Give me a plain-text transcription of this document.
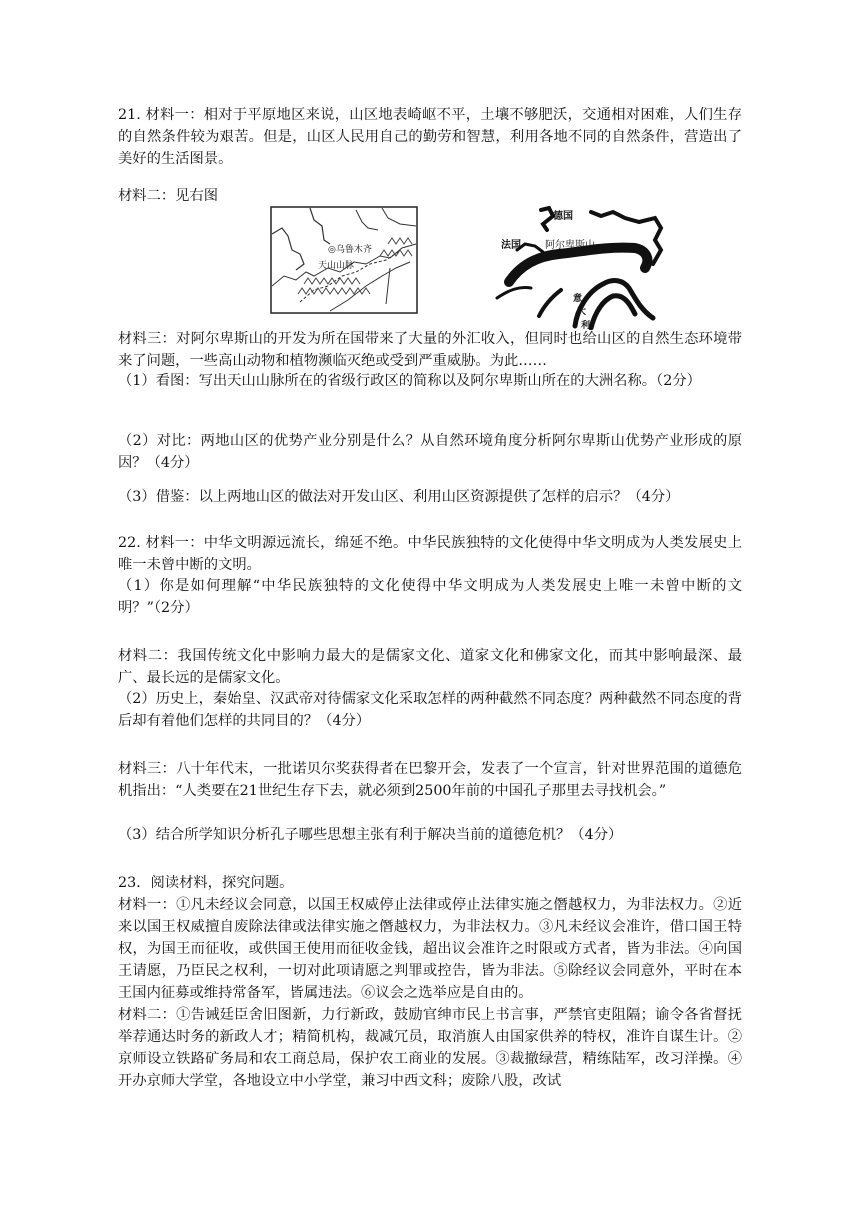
21. 材料一：相对于平原地区来说，山区地表崎岖不平，土壤不够肥沃，交通相对困难，人们生存的自然条件较为艰苦。但是，山区人民用自己的勤劳和智慧，利用各地不同的自然条件，营造出了美好的生活图景。

材料二：见右图

◎乌鲁木齐
天山山脉
德国
法国 阿尔卑斯山
意
大
利

材料三：对阿尔卑斯山的开发为所在国带来了大量的外汇收入，但同时也给山区的自然生态环境带来了问题，一些高山动物和植物濒临灭绝或受到严重威胁。为此……

（1）看图：写出天山山脉所在的省级行政区的简称以及阿尔卑斯山所在的大洲名称。（2分）

（2）对比：两地山区的优势产业分别是什么？从自然环境角度分析阿尔卑斯山优势产业形成的原因？（4分）

（3）借鉴：以上两地山区的做法对开发山区、利用山区资源提供了怎样的启示？（4分）

22. 材料一：中华文明源远流长，绵延不绝。中华民族独特的文化使得中华文明成为人类发展史上唯一未曾中断的文明。

（1）你是如何理解“中华民族独特的文化使得中华文明成为人类发展史上唯一未曾中断的文明？”（2分）

材料二：我国传统文化中影响力最大的是儒家文化、道家文化和佛家文化，而其中影响最深、最广、最长远的是儒家文化。

（2）历史上，秦始皇、汉武帝对待儒家文化采取怎样的两种截然不同态度？两种截然不同态度的背后却有着他们怎样的共同目的？（4分）

材料三：八十年代末，一批诺贝尔奖获得者在巴黎开会，发表了一个宣言，针对世界范围的道德危机指出：“人类要在21世纪生存下去，就必须到2500年前的中国孔子那里去寻找机会。”

（3）结合所学知识分析孔子哪些思想主张有利于解决当前的道德危机？（4分）

23．阅读材料，探究问题。

材料一：①凡未经议会同意，以国王权威停止法律或停止法律实施之僭越权力，为非法权力。②近来以国王权威擅自废除法律或法律实施之僭越权力，为非法权力。③凡未经议会准许，借口国王特权，为国王而征收，或供国王使用而征收金钱，超出议会准许之时限或方式者，皆为非法。④向国王请愿，乃臣民之权利，一切对此项请愿之判罪或控告，皆为非法。⑤除经议会同意外，平时在本王国内征募或维持常备军，皆属违法。⑥议会之选举应是自由的。

材料二：①告诫廷臣舍旧图新，力行新政，鼓励官绅市民上书言事，严禁官吏阻隔；谕令各省督抚举荐通达时务的新政人才；精简机构，裁减冗员，取消旗人由国家供养的特权，准许自谋生计。②京师设立铁路矿务局和农工商总局，保护农工商业的发展。③裁撤绿营，精练陆军，改习洋操。④开办京师大学堂，各地设立中小学堂，兼习中西文科；废除八股，改试
